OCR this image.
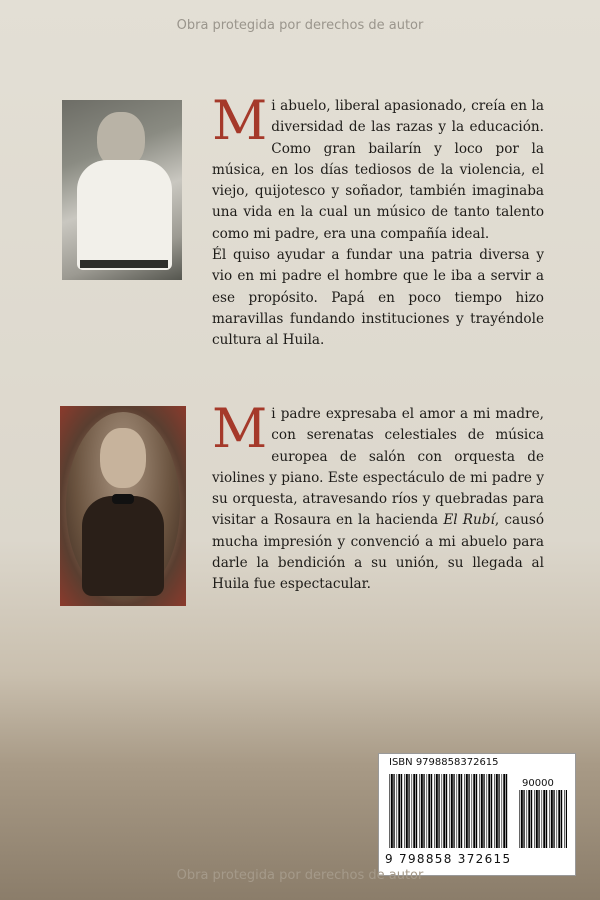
Obra protegida por derechos de autor
M i abuelo, liberal apasionado, creía en la diversidad de las razas y la educación. Como gran bailarín y loco por la música, en los días tediosos de la violencia, el viejo, quijotesco y soñador, también imaginaba una vida en la cual un músico de tanto talento como mi padre, era una compañía ideal.

Él quiso ayudar a fundar una patria diversa y vio en mi padre el hombre que le iba a servir a ese propósito. Papá en poco tiempo hizo maravillas fundando instituciones y trayéndole cultura al Huila.

M i padre expresaba el amor a mi madre, con serenatas celestiales de música europea de salón con orquesta de violines y piano. Este espectáculo de mi padre y su orquesta, atravesando ríos y quebradas para visitar a Rosaura en la hacienda El Rubí, causó mucha impresión y convenció a mi abuelo para darle la bendición a su unión, su llegada al Huila fue espectacular.

ISBN 9798858372615
90000
9 798858 372615
Obra protegida por derechos de autor
